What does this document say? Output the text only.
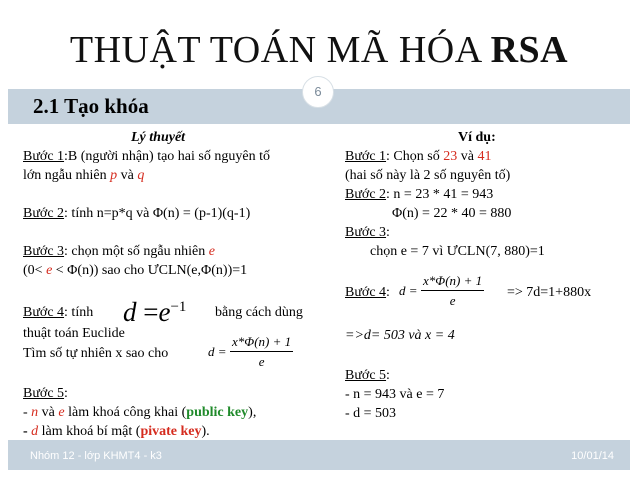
THUẬT TOÁN MÃ HÓA RSA
6
2.1 Tạo khóa
Lý thuyết
Bước 1:B (người nhận) tạo hai số nguyên tố
lớn ngẫu nhiên p và q
Bước 2: tính n=p*q và Φ(n) = (p-1)(q-1)
Bước 3: chọn một số ngẫu nhiên e
(0< e < Φ(n)) sao cho ƯCLN(e,Φ(n))=1
Bước 4: tính $d =e^{-1}$ bằng cách dùng
thuật toán Euclide
Tìm số tự nhiên x sao cho	$d = \frac{x*\Phi(n) + 1}{e}$
Bước 5:
- n và e làm khoá công khai (public key),
- d làm khoá bí mật (pivate key).
Ví dụ:
Bước 1: Chọn số 23 và 41
(hai số này là 2 số nguyên tố)
Bước 2: n = 23 * 41 = 943
Φ(n) = 22 * 40 = 880
Bước 3:
chọn e = 7 vì ƯCLN(7, 880)=1
Bước 4: $d = \frac{x*\Phi(n) + 1}{e} => 7d=1+880x$
=>d= 503 và x = 4
Bước 5:
- n = 943 và e = 7
- d = 503
Nhóm 12 - lớp KHMT4 - k3	10/01/14
